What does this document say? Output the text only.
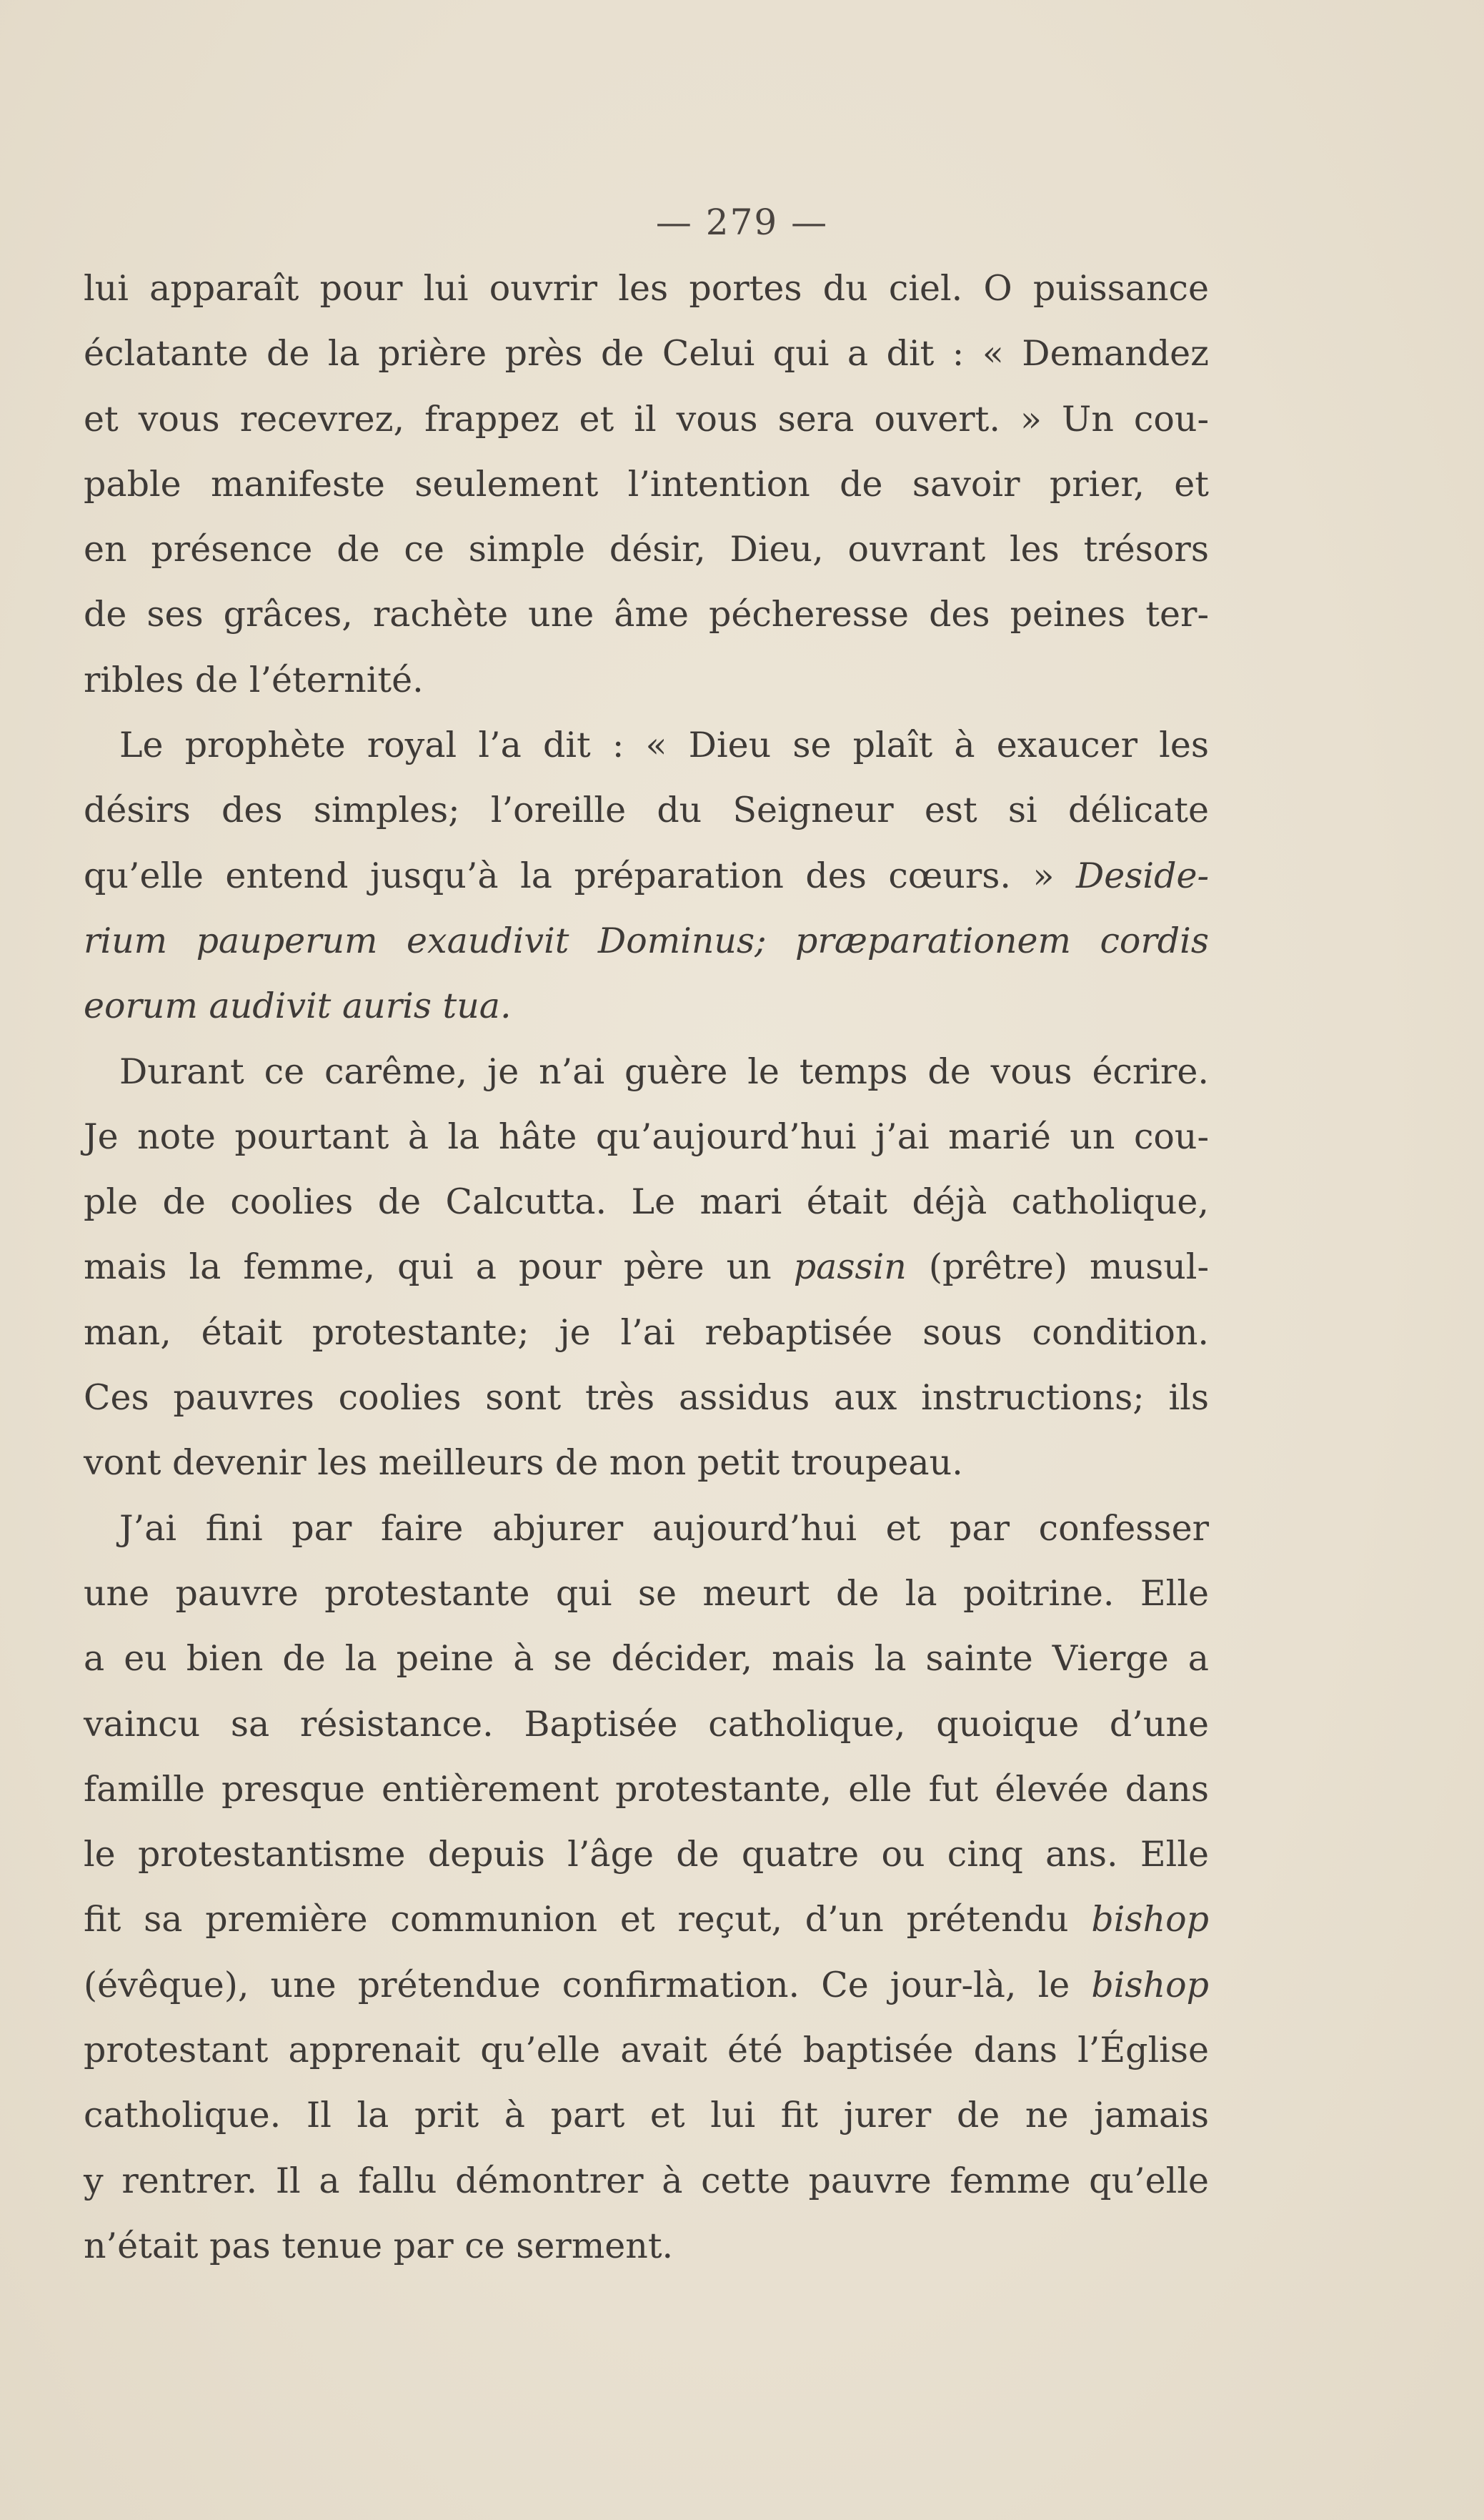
— 279 —
lui apparaît pour lui ouvrir les portes du ciel. O puissance
éclatante de la prière près de Celui qui a dit : « Demandez
et vous recevrez, frappez et il vous sera ouvert. » Un cou-
pable manifeste seulement l’intention de savoir prier, et
en présence de ce simple désir, Dieu, ouvrant les trésors
de ses grâces, rachète une âme pécheresse des peines ter-
ribles de l’éternité.
Le prophète royal l’a dit : « Dieu se plaît à exaucer les
désirs des simples; l’oreille du Seigneur est si délicate
qu’elle entend jusqu’à la préparation des cœurs. » Deside-
rium pauperum exaudivit Dominus; præparationem cordis
eorum audivit auris tua.
Durant ce carême, je n’ai guère le temps de vous écrire.
Je note pourtant à la hâte qu’aujourd’hui j’ai marié un cou-
ple de coolies de Calcutta. Le mari était déjà catholique,
mais la femme, qui a pour père un passin (prêtre) musul-
man, était protestante; je l’ai rebaptisée sous condition.
Ces pauvres coolies sont très assidus aux instructions; ils
vont devenir les meilleurs de mon petit troupeau.
J’ai fini par faire abjurer aujourd’hui et par confesser
une pauvre protestante qui se meurt de la poitrine. Elle
a eu bien de la peine à se décider, mais la sainte Vierge a
vaincu sa résistance. Baptisée catholique, quoique d’une
famille presque entièrement protestante, elle fut élevée dans
le protestantisme depuis l’âge de quatre ou cinq ans. Elle
fit sa première communion et reçut, d’un prétendu bishop
(évêque), une prétendue confirmation. Ce jour-là, le bishop
protestant apprenait qu’elle avait été baptisée dans l’Église
catholique. Il la prit à part et lui fit jurer de ne jamais
y rentrer. Il a fallu démontrer à cette pauvre femme qu’elle
n’était pas tenue par ce serment.
